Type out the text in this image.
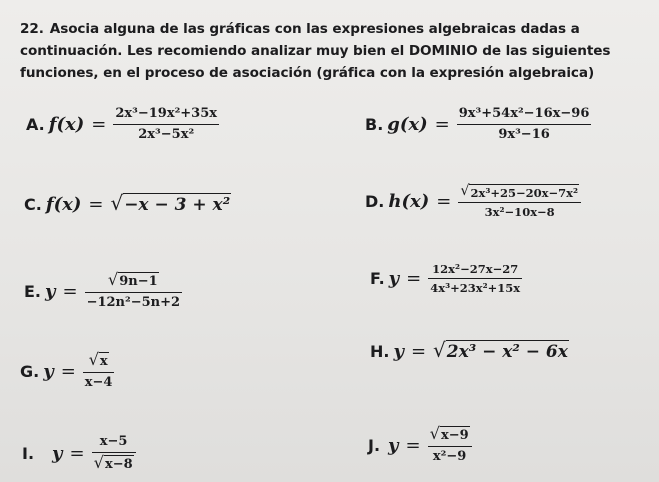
22. Asocia alguna de las gráficas con las expresiones algebraicas dadas a continuación. Les recomiendo analizar muy bien el DOMINIO de las siguientes funciones, en el proceso de asociación (gráfica con la expresión algebraica)
A. $f(x) = \frac{\text{2x³−19x²+35x}}{\text{2x³−5x²}}$	B. $g(x) = \frac{\text{9x³+54x²−16x−96}}{\text{9x³−16}}$
C. f(x) = √ −x − 3 + x²	D. $h(x) = \frac{\text{√ 2x³+25−20x−7x²}}{\text{3x²−10x−8}}$
E. $y = \frac{√ 9n-1}{\text{−12n²−5n+2}}$	F. $y = \frac{\text{12x²−27x−27}}{\text{4x³+23x²+15x}}$
G. $y = \frac{√ x}{x-4}$
H. y = √ 2x³ − x² − 6x
I. $y = \frac{x-5}{√ x-8}$	J. $y = \frac{√ x-9}{\text{x²−9}}$
